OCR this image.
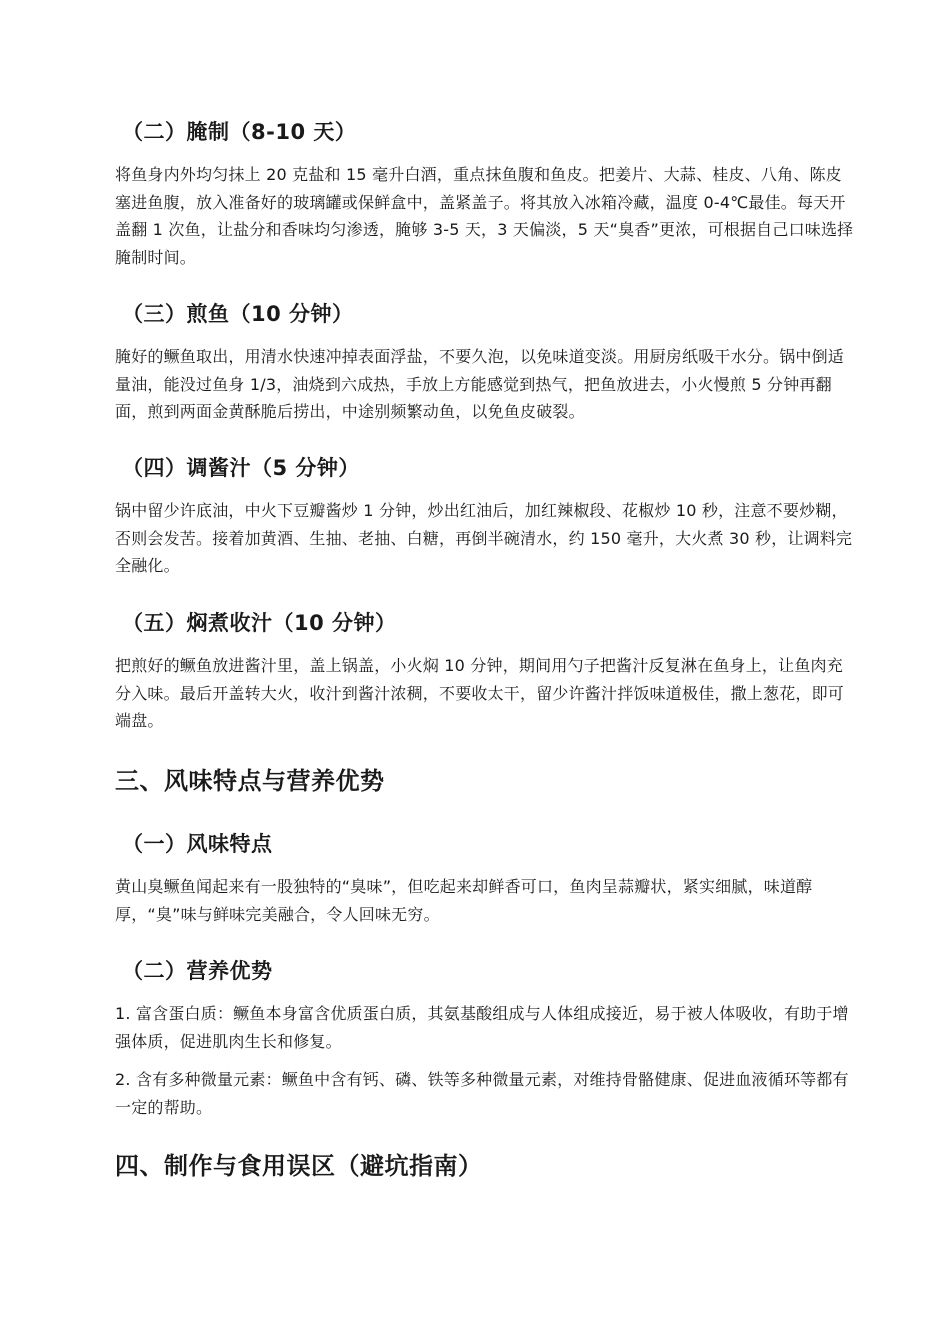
（二）腌制（8-10 天）

将鱼身内外均匀抹上 20 克盐和 15 毫升白酒，重点抹鱼腹和鱼皮。把姜片、大蒜、桂皮、八角、陈皮塞进鱼腹，放入准备好的玻璃罐或保鲜盒中，盖紧盖子。将其放入冰箱冷藏，温度 0-4℃最佳。每天开盖翻 1 次鱼，让盐分和香味均匀渗透，腌够 3-5 天，3 天偏淡，5 天“臭香”更浓，可根据自己口味选择腌制时间。

（三）煎鱼（10 分钟）

腌好的鳜鱼取出，用清水快速冲掉表面浮盐，不要久泡，以免味道变淡。用厨房纸吸干水分。锅中倒适量油，能没过鱼身 1/3，油烧到六成热，手放上方能感觉到热气，把鱼放进去，小火慢煎 5 分钟再翻面，煎到两面金黄酥脆后捞出，中途别频繁动鱼，以免鱼皮破裂。

（四）调酱汁（5 分钟）

锅中留少许底油，中火下豆瓣酱炒 1 分钟，炒出红油后，加红辣椒段、花椒炒 10 秒，注意不要炒糊，否则会发苦。接着加黄酒、生抽、老抽、白糖，再倒半碗清水，约 150 毫升，大火煮 30 秒，让调料完全融化。

（五）焖煮收汁（10 分钟）

把煎好的鳜鱼放进酱汁里，盖上锅盖，小火焖 10 分钟，期间用勺子把酱汁反复淋在鱼身上，让鱼肉充分入味。最后开盖转大火，收汁到酱汁浓稠，不要收太干，留少许酱汁拌饭味道极佳，撒上葱花，即可端盘。

三、风味特点与营养优势
（一）风味特点

黄山臭鳜鱼闻起来有一股独特的“臭味”，但吃起来却鲜香可口，鱼肉呈蒜瓣状，紧实细腻，味道醇厚，“臭”味与鲜味完美融合，令人回味无穷。

（二）营养优势

1. 富含蛋白质：鳜鱼本身富含优质蛋白质，其氨基酸组成与人体组成接近，易于被人体吸收，有助于增强体质，促进肌肉生长和修复。

2. 含有多种微量元素：鳜鱼中含有钙、磷、铁等多种微量元素，对维持骨骼健康、促进血液循环等都有一定的帮助。

四、制作与食用误区（避坑指南）
